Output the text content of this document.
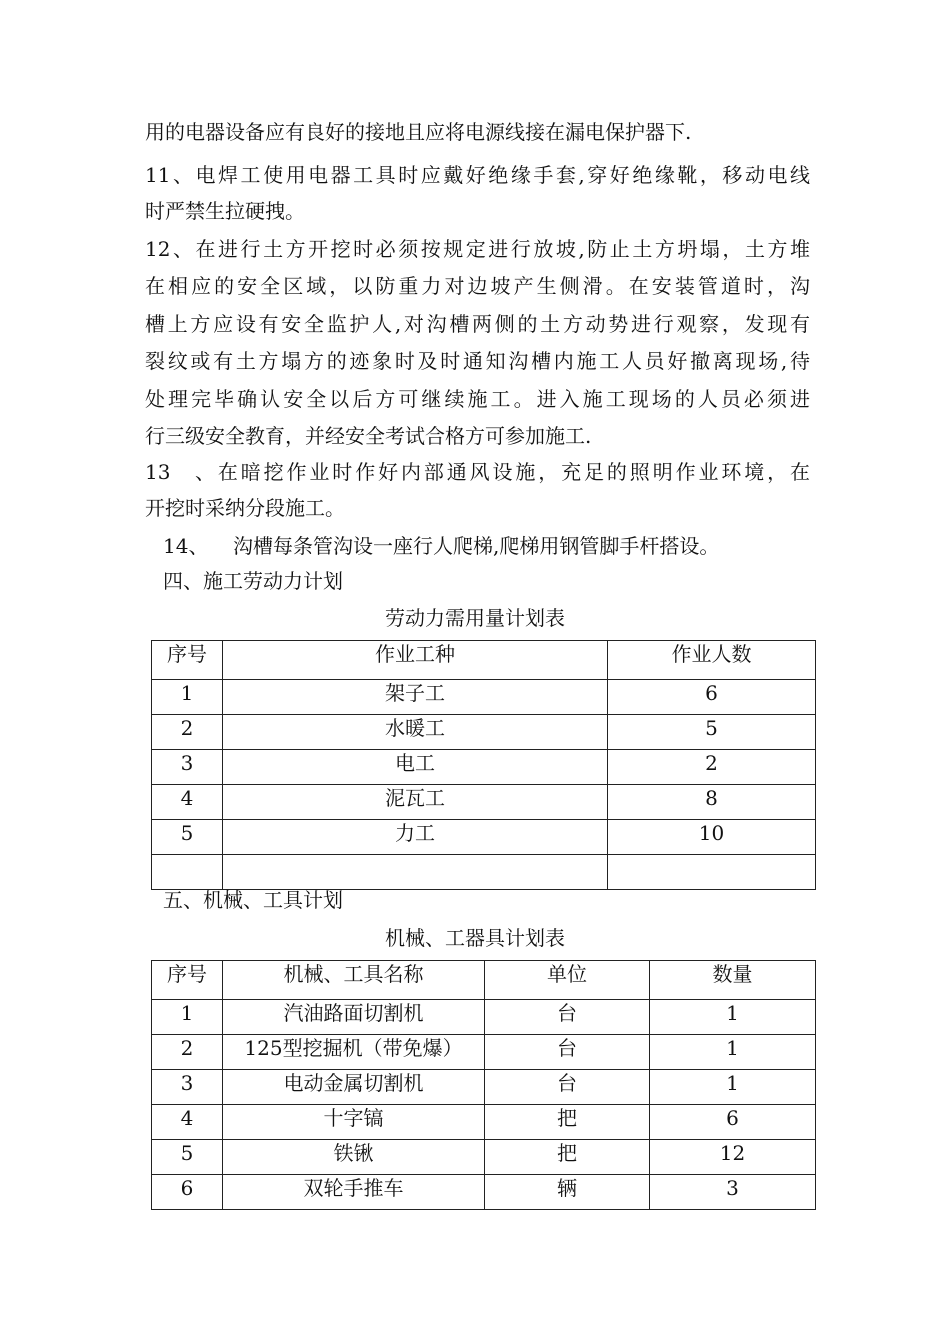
用的电器设备应有良好的接地且应将电源线接在漏电保护器下.
11、电焊工使用电器工具时应戴好绝缘手套,穿好绝缘靴，移动电线
时严禁生拉硬拽。
12、在进行土方开挖时必须按规定进行放坡,防止土方坍塌，土方堆
在相应的安全区域，以防重力对边坡产生侧滑。在安装管道时，沟
槽上方应设有安全监护人,对沟槽两侧的土方动势进行观察，发现有
裂纹或有土方塌方的迹象时及时通知沟槽内施工人员好撤离现场,待
处理完毕确认安全以后方可继续施工。进入施工现场的人员必须进
行三级安全教育，并经安全考试合格方可参加施工.
13、在暗挖作业时作好内部通风设施，充足的照明作业环境，在
开挖时采纳分段施工。
14、 沟槽每条管沟设一座行人爬梯,爬梯用钢管脚手杆搭设。
四、施工劳动力计划
劳动力需用量计划表
序号	作业工种	作业人数
1	架子工	6
2	水暖工	5
3	电工	2
4	泥瓦工	8
5	力工	10

五、机械、工具计划
机械、工器具计划表
序号	机械、工具名称	单位	数量
1	汽油路面切割机	台	1
2	125型挖掘机（带免爆）	台	1
3	电动金属切割机	台	1
4	十字镐	把	6
5	铁锹	把	12
6	双轮手推车	辆	3
